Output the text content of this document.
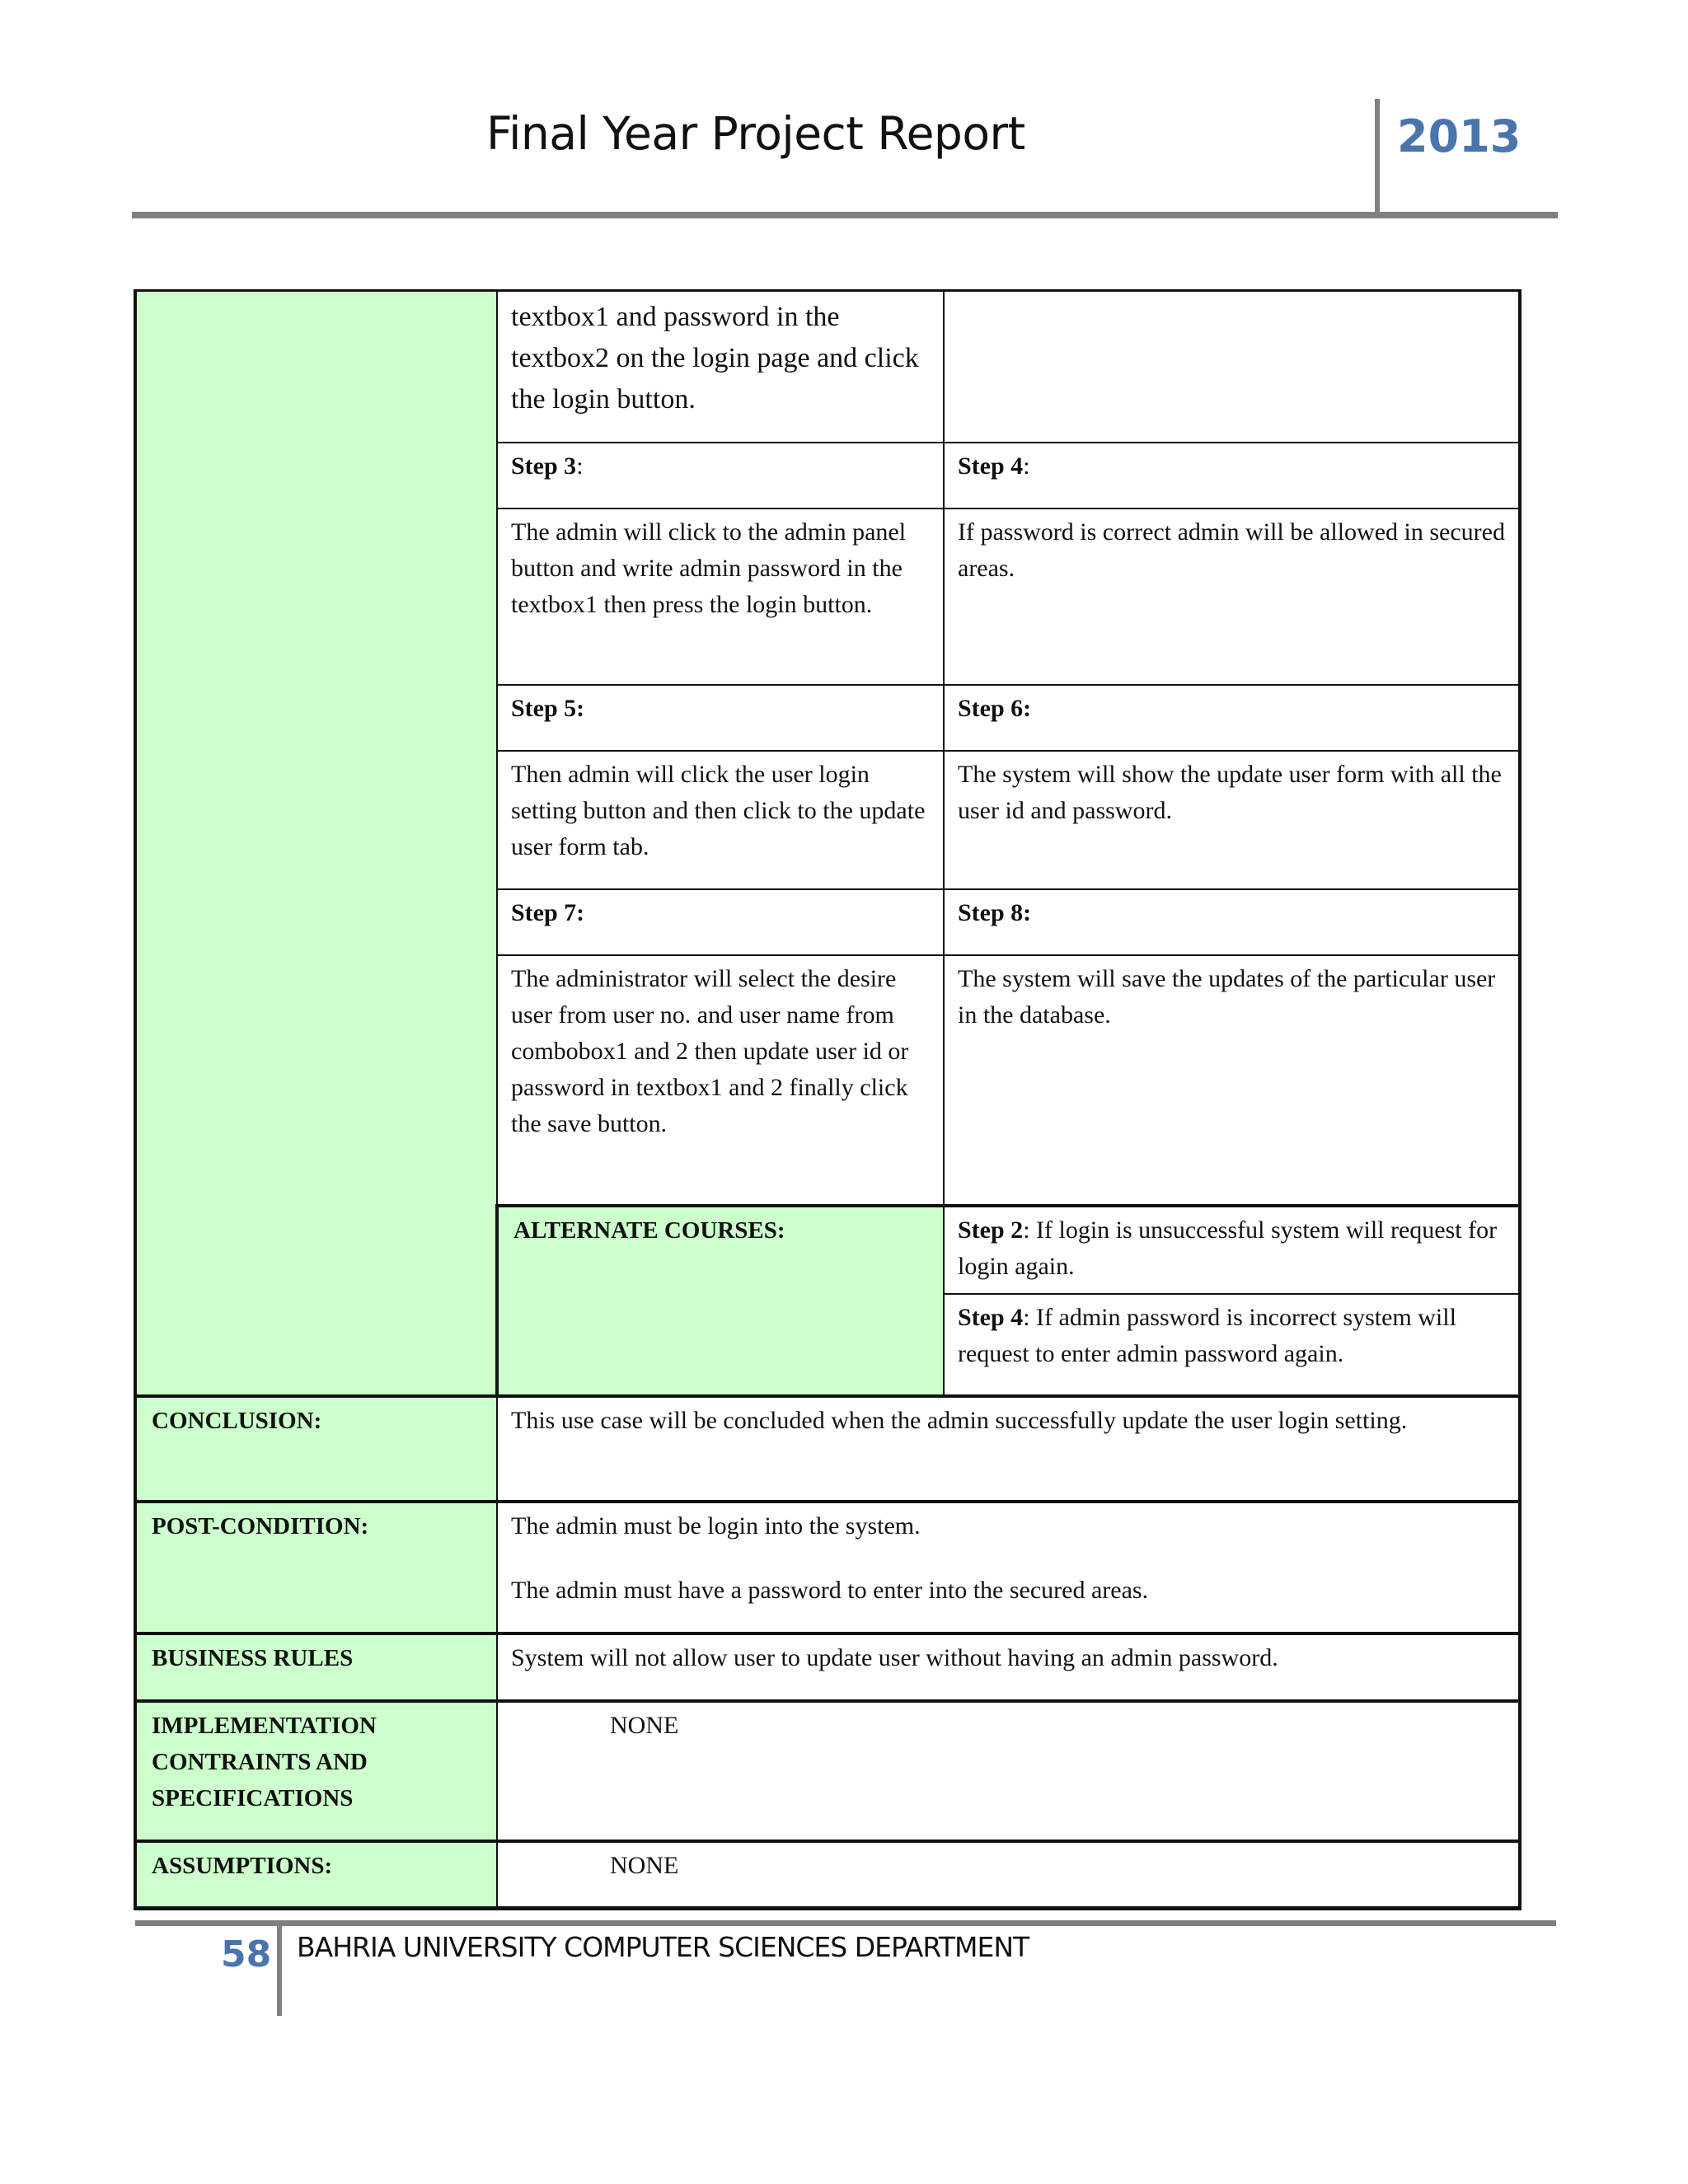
Final Year Project Report	2013
	textbox1 and password in the textbox2 on the login page and click the login button.	
	Step 3:	Step 4:
	The admin will click to the admin panel button and write admin password in the textbox1 then press the login button.	If password is correct admin will be allowed in secured areas.
	Step 5:	Step 6:
	Then admin will click the user login setting button and then click to the update user form tab.	The system will show the update user form with all the user id and password.
	Step 7:	Step 8:
	The administrator will select the desire user from user no. and user name from combobox1 and 2 then update user id or password in textbox1 and 2 finally click the save button.	The system will save the updates of the particular user in the database.
	ALTERNATE COURSES:	Step 2: If login is unsuccessful system will request for login again.
		Step 4: If admin password is incorrect system will request to enter admin password again.
CONCLUSION:	This use case will be concluded when the admin successfully update the user login setting.	
POST-CONDITION:	The admin must be login into the system.
The admin must have a password to enter into the secured areas.	

BUSINESS RULES	System will not allow user to update user without having an admin password.	
IMPLEMENTATION CONTRAINTS AND SPECIFICATIONS	NONE	

ASSUMPTIONS:	NONE	
58 BAHRIA UNIVERSITY COMPUTER SCIENCES DEPARTMENT
